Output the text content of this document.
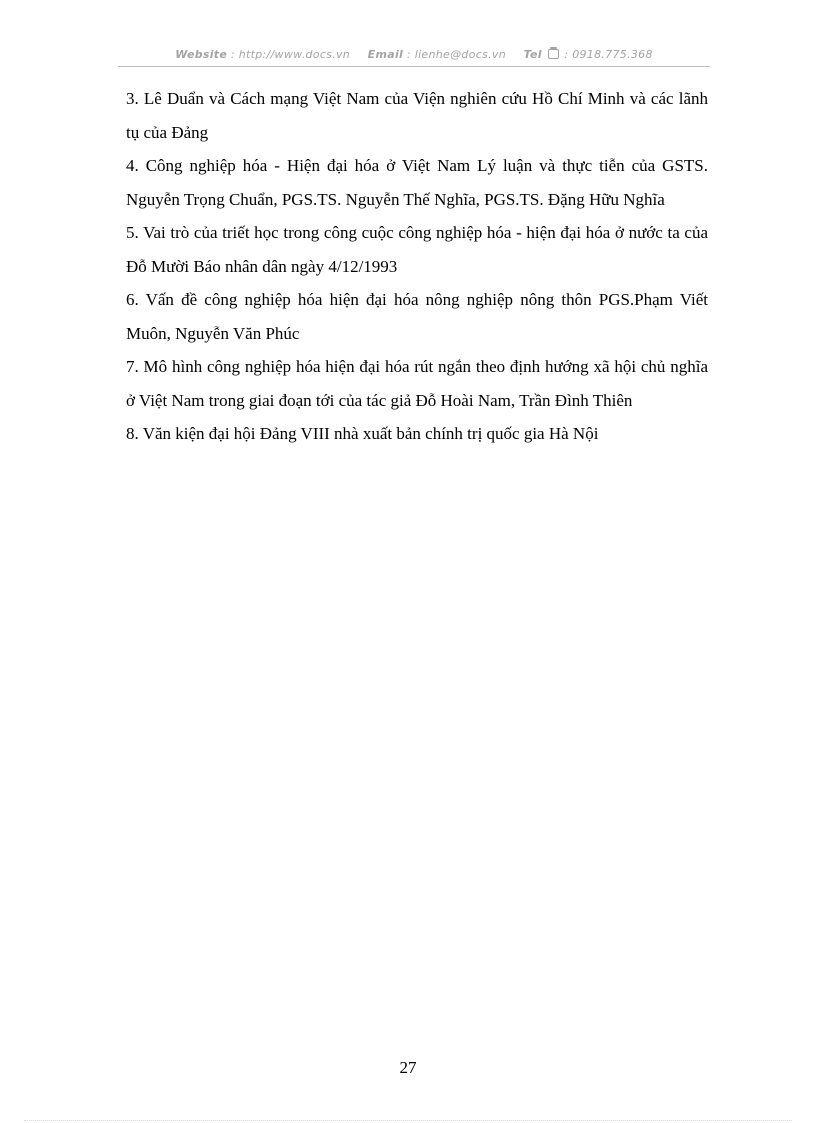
Website : http://www.docs.vn Email : lienhe@docs.vn Tel : 0918.775.368

3. Lê Duẩn và Cách mạng Việt Nam của Viện nghiên cứu Hồ Chí Minh và các lãnh tụ của Đảng

4. Công nghiệp hóa - Hiện đại hóa ở Việt Nam Lý luận và thực tiễn của GSTS. Nguyễn Trọng Chuẩn, PGS.TS. Nguyễn Thế Nghĩa, PGS.TS. Đặng Hữu Nghĩa

5. Vai trò của triết học trong công cuộc công nghiệp hóa - hiện đại hóa ở nước ta của Đỗ Mười Báo nhân dân ngày 4/12/1993

6. Vấn đề công nghiệp hóa hiện đại hóa nông nghiệp nông thôn PGS.Phạm Viết Muôn, Nguyễn Văn Phúc

7. Mô hình công nghiệp hóa hiện đại hóa rút ngắn theo định hướng xã hội chủ nghĩa ở Việt Nam trong giai đoạn tới của tác giả Đỗ Hoài Nam, Trần Đình Thiên

8. Văn kiện đại hội Đảng VIII nhà xuất bản chính trị quốc gia Hà Nội

27
